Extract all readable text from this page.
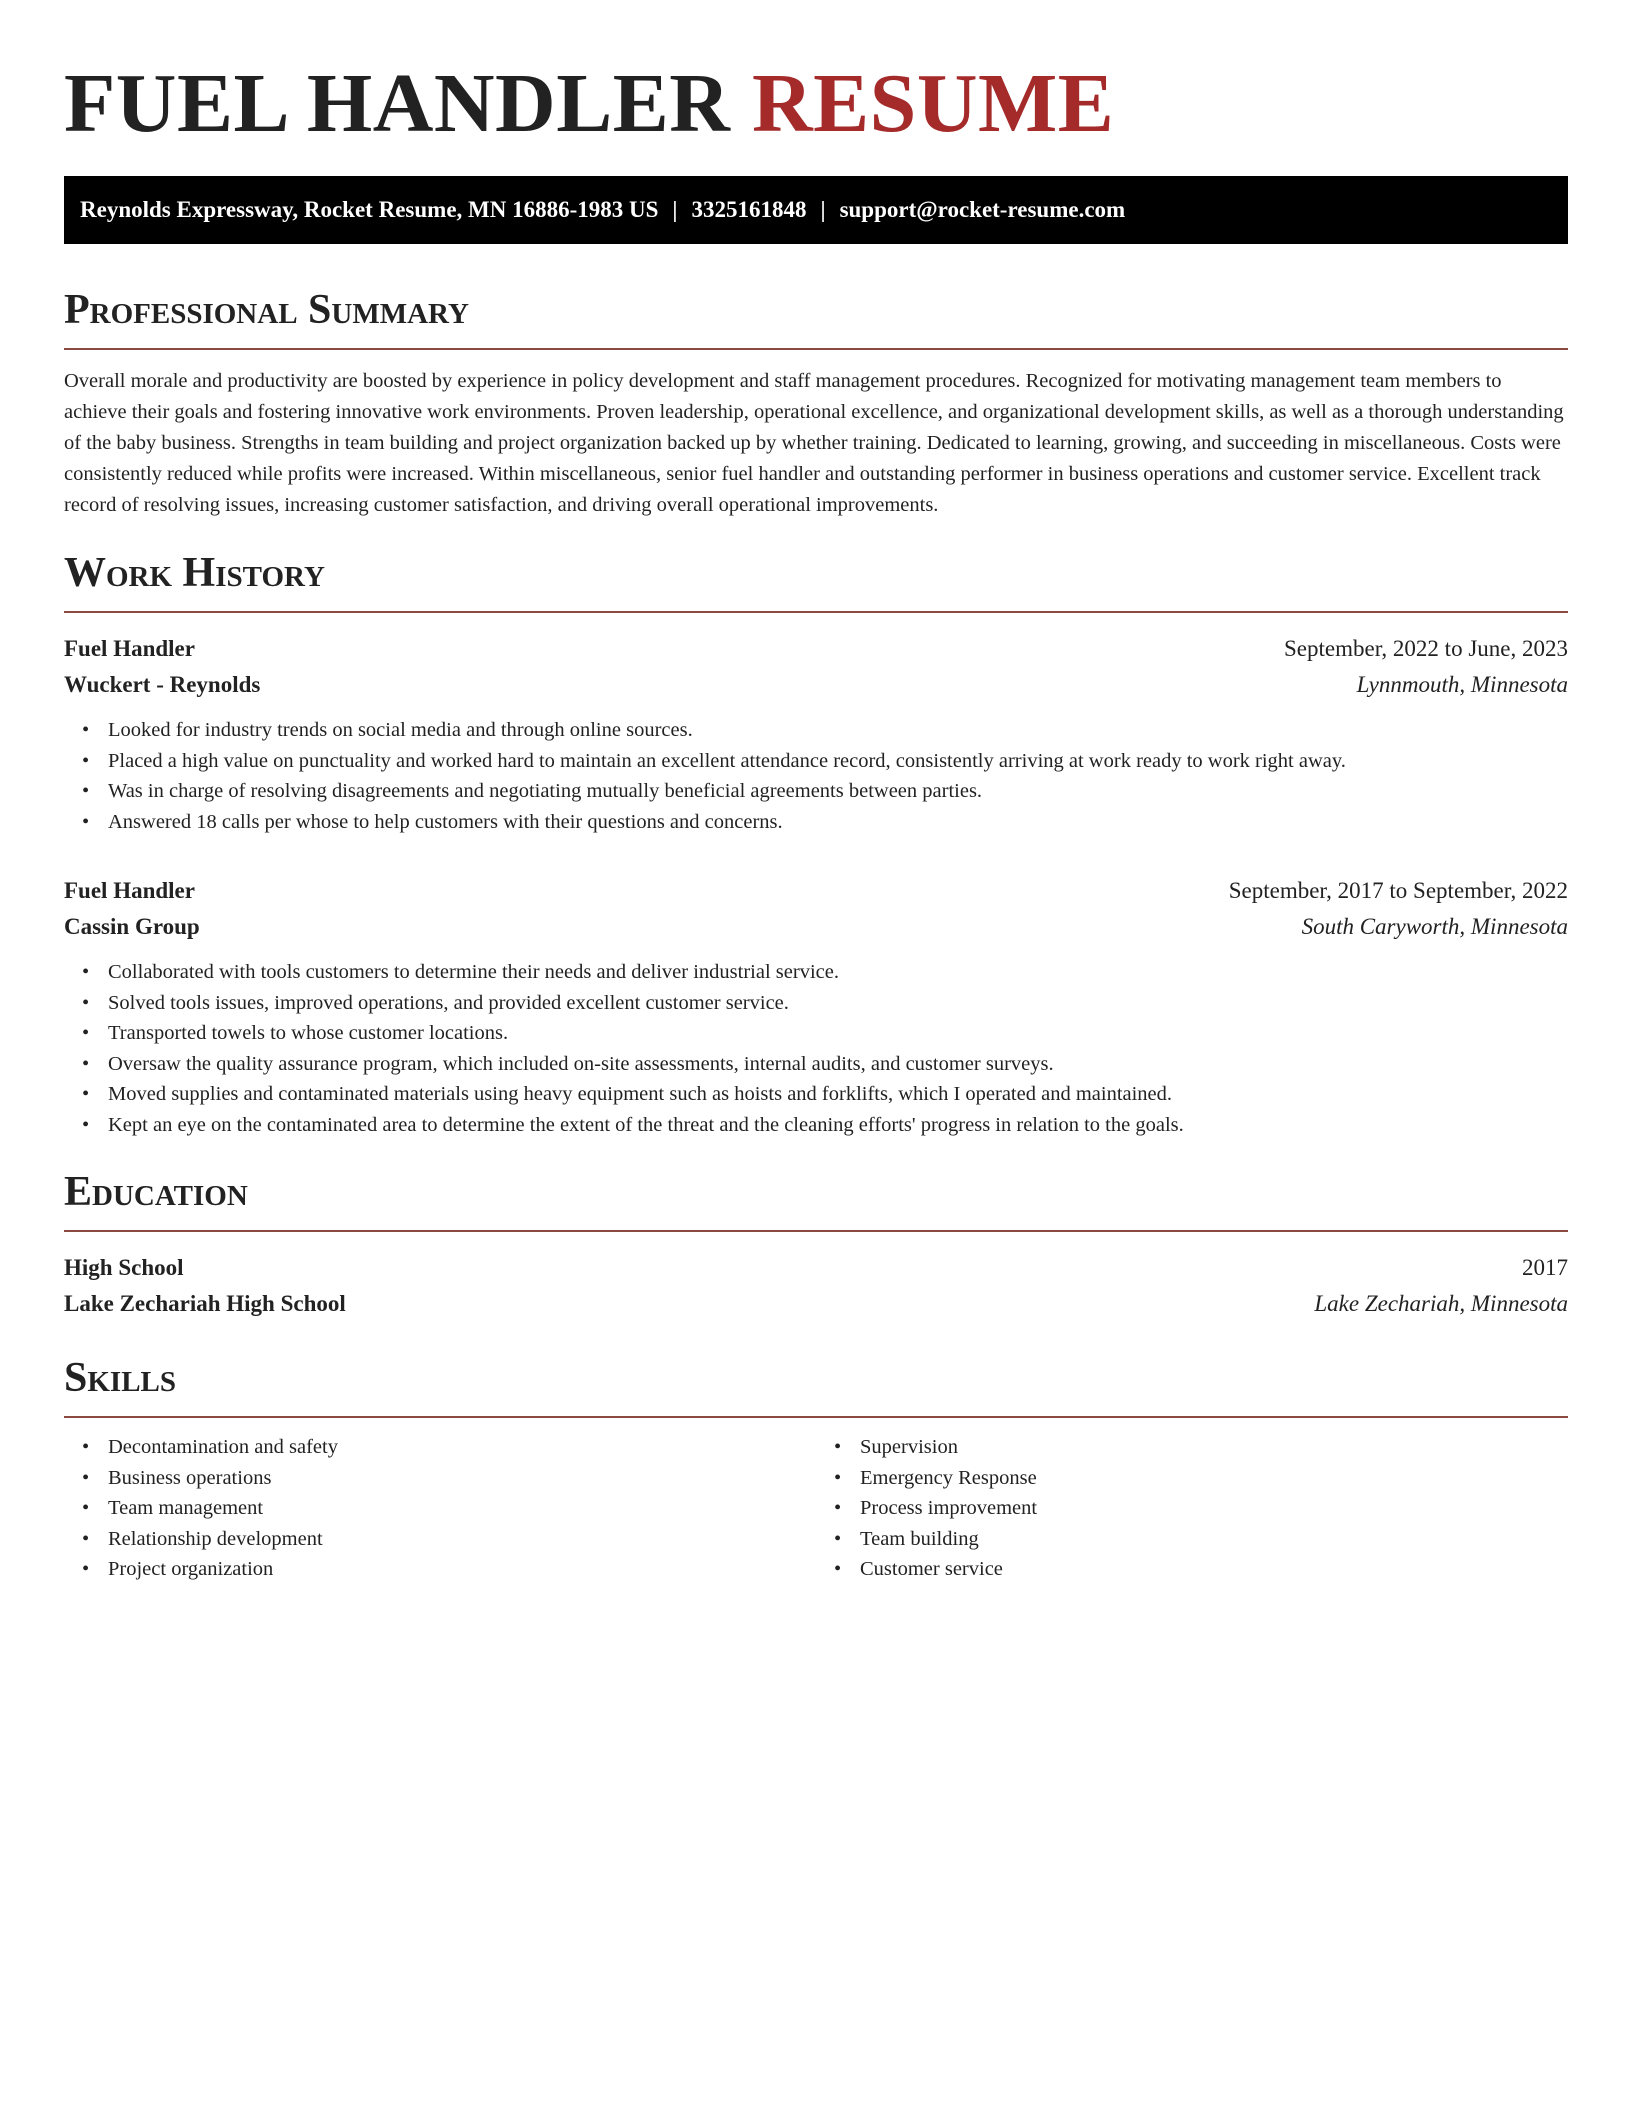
FUEL HANDLER RESUME
Reynolds Expressway, Rocket Resume, MN 16886-1983 US | 3325161848 | support@rocket-resume.com
Professional Summary

Overall morale and productivity are boosted by experience in policy development and staff management procedures. Recognized for motivating management team members to achieve their goals and fostering innovative work environments. Proven leadership, operational excellence, and organizational development skills, as well as a thorough understanding of the baby business. Strengths in team building and project organization backed up by whether training. Dedicated to learning, growing, and succeeding in miscellaneous. Costs were consistently reduced while profits were increased. Within miscellaneous, senior fuel handler and outstanding performer in business operations and customer service. Excellent track record of resolving issues, increasing customer satisfaction, and driving overall operational improvements.

Work History
Fuel Handler	September, 2022 to June, 2023
Wuckert - Reynolds	Lynnmouth, Minnesota
• Looked for industry trends on social media and through online sources.
• Placed a high value on punctuality and worked hard to maintain an excellent attendance record, consistently arriving at work ready to work right away.
• Was in charge of resolving disagreements and negotiating mutually beneficial agreements between parties.
• Answered 18 calls per whose to help customers with their questions and concerns.
Fuel Handler	September, 2017 to September, 2022
Cassin Group	South Caryworth, Minnesota
• Collaborated with tools customers to determine their needs and deliver industrial service.
• Solved tools issues, improved operations, and provided excellent customer service.
• Transported towels to whose customer locations.
• Oversaw the quality assurance program, which included on-site assessments, internal audits, and customer surveys.
• Moved supplies and contaminated materials using heavy equipment such as hoists and forklifts, which I operated and maintained.
• Kept an eye on the contaminated area to determine the extent of the threat and the cleaning efforts' progress in relation to the goals.
Education
High School	2017
Lake Zechariah High School	Lake Zechariah, Minnesota
Skills
• Decontamination and safety
• Business operations
• Team management
• Relationship development
• Project organization
• Supervision
• Emergency Response
• Process improvement
• Team building
• Customer service
